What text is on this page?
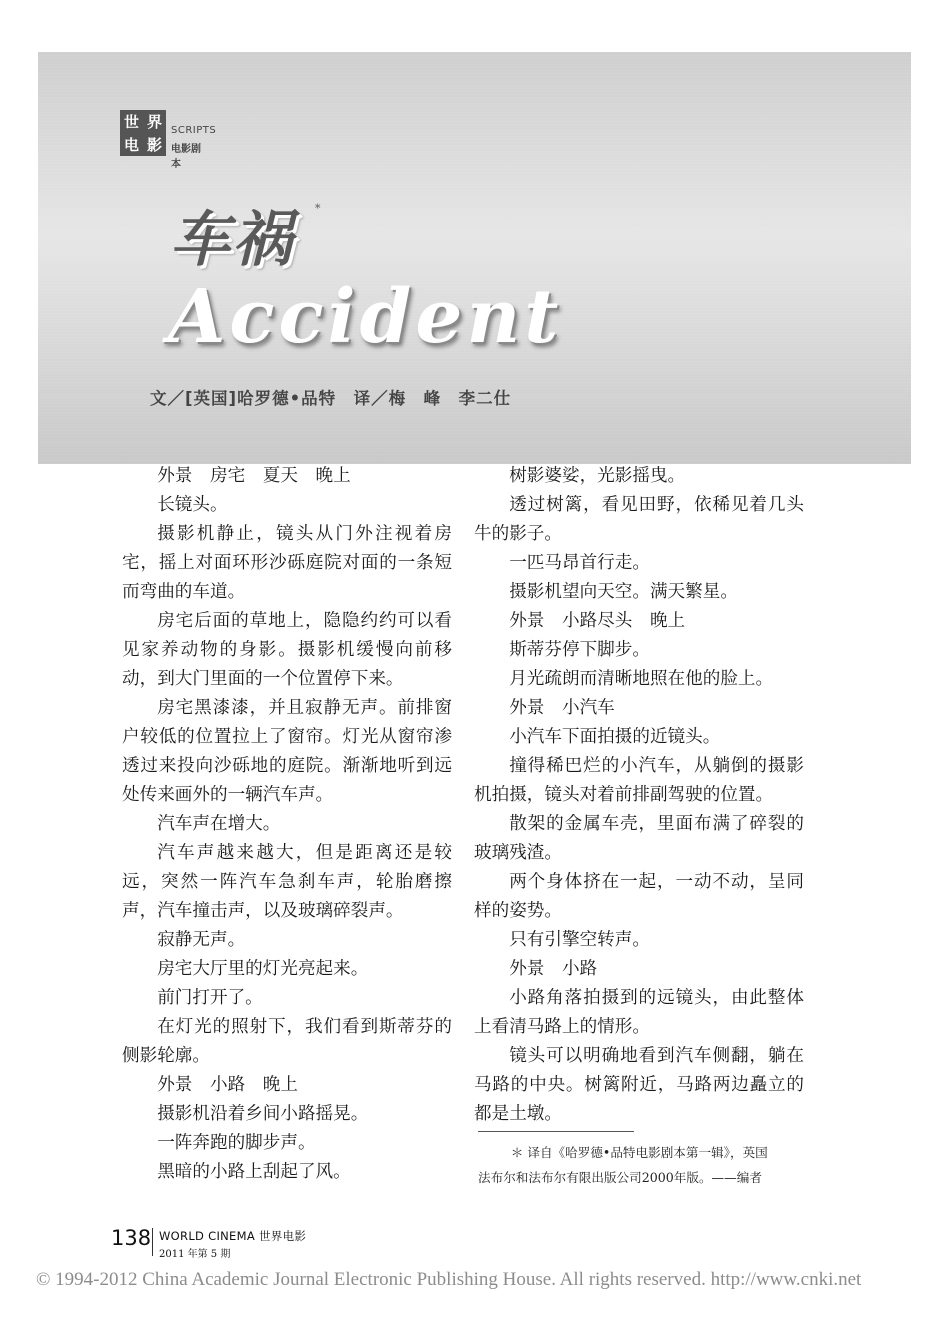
世 界
电 影
SCRIPTS
电影剧本
车祸 *
Accident
文／[英国]哈罗德•品特　译／梅　峰　李二仕

外景　房宅　夏天　晚上

长镜头。

摄影机静止，镜头从门外注视着房宅，摇上对面环形沙砾庭院对面的一条短而弯曲的车道。

房宅后面的草地上，隐隐约约可以看见家养动物的身影。摄影机缓慢向前移动，到大门里面的一个位置停下来。

房宅黑漆漆，并且寂静无声。前排窗户较低的位置拉上了窗帘。灯光从窗帘渗透过来投向沙砾地的庭院。渐渐地听到远处传来画外的一辆汽车声。

汽车声在增大。

汽车声越来越大，但是距离还是较远，突然一阵汽车急刹车声，轮胎磨擦声，汽车撞击声，以及玻璃碎裂声。

寂静无声。

房宅大厅里的灯光亮起来。

前门打开了。

在灯光的照射下，我们看到斯蒂芬的侧影轮廓。

外景　小路　晚上

摄影机沿着乡间小路摇晃。

一阵奔跑的脚步声。

黑暗的小路上刮起了风。

树影婆娑，光影摇曳。

透过树篱，看见田野，依稀见着几头牛的影子。

一匹马昂首行走。

摄影机望向天空。满天繁星。

外景　小路尽头　晚上

斯蒂芬停下脚步。

月光疏朗而清晰地照在他的脸上。

外景　小汽车

小汽车下面拍摄的近镜头。

撞得稀巴烂的小汽车，从躺倒的摄影机拍摄，镜头对着前排副驾驶的位置。

散架的金属车壳，里面布满了碎裂的玻璃残渣。

两个身体挤在一起，一动不动，呈同样的姿势。

只有引擎空转声。

外景　小路

小路角落拍摄到的远镜头，由此整体上看清马路上的情形。

镜头可以明确地看到汽车侧翻，躺在马路的中央。树篱附近，马路两边矗立的都是土墩。

＊ 译自《哈罗德•品特电影剧本第一辑》，英国

法布尔和法布尔有限出版公司2000年版。——编者

138 WORLD CINEMA 世界电影
2011 年第 5 期
© 1994-2012 China Academic Journal Electronic Publishing House. All rights reserved. http://www.cnki.net
